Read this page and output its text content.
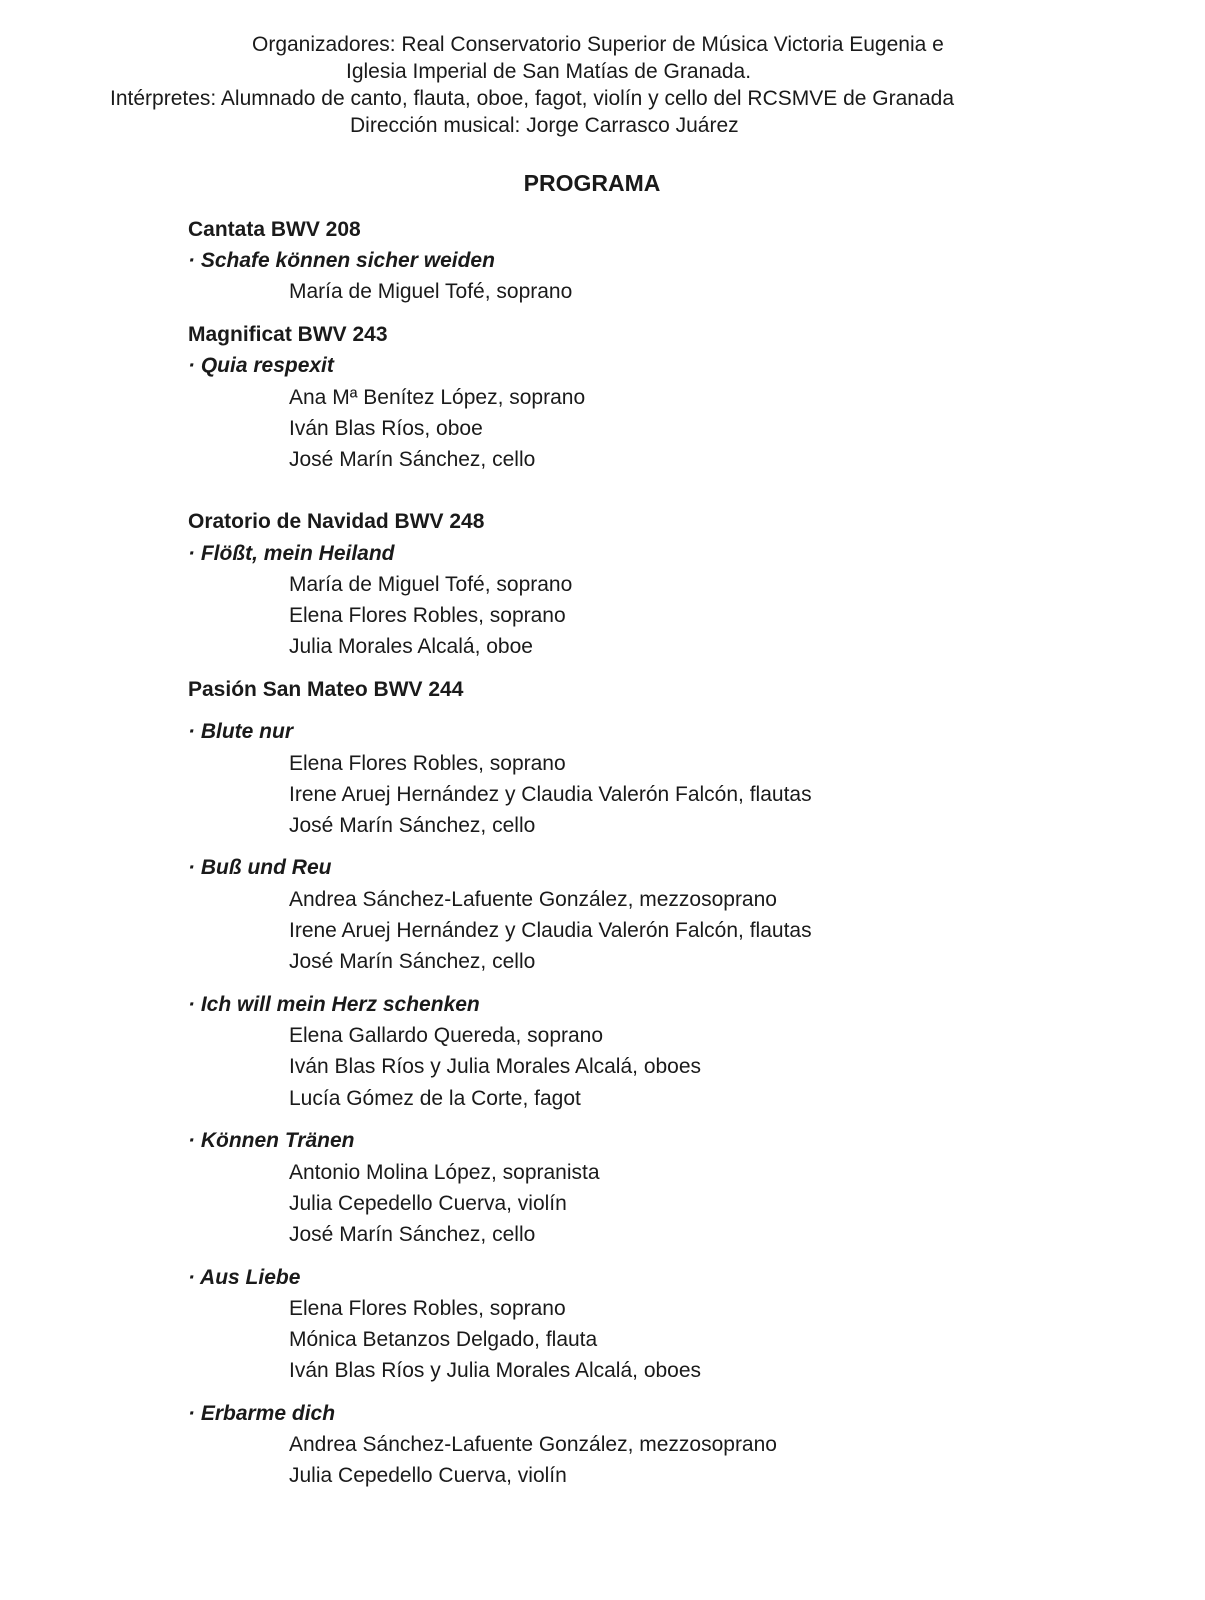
Organizadores: Real Conservatorio Superior de Música Victoria Eugenia e
Iglesia Imperial de San Matías de Granada.
Intérpretes: Alumnado de canto, flauta, oboe, fagot, violín y cello del RCSMVE de Granada
Dirección musical: Jorge Carrasco Juárez
PROGRAMA
Cantata BWV 208
· Schafe können sicher weiden
María de Miguel Tofé, soprano
Magnificat BWV 243
· Quia respexit
Ana Mª Benítez López, soprano
Iván Blas Ríos, oboe
José Marín Sánchez, cello
Oratorio de Navidad BWV 248
· Flößt, mein Heiland
María de Miguel Tofé, soprano
Elena Flores Robles, soprano
Julia Morales Alcalá, oboe
Pasión San Mateo BWV 244
· Blute nur
Elena Flores Robles, soprano
Irene Aruej Hernández y Claudia Valerón Falcón, flautas
José Marín Sánchez, cello
· Buß und Reu
Andrea Sánchez-Lafuente González, mezzosoprano
Irene Aruej Hernández y Claudia Valerón Falcón, flautas
José Marín Sánchez, cello
· Ich will mein Herz schenken
Elena Gallardo Quereda, soprano
Iván Blas Ríos y Julia Morales Alcalá, oboes
Lucía Gómez de la Corte, fagot
· Können Tränen
Antonio Molina López, sopranista
Julia Cepedello Cuerva, violín
José Marín Sánchez, cello
· Aus Liebe
Elena Flores Robles, soprano
Mónica Betanzos Delgado, flauta
Iván Blas Ríos y Julia Morales Alcalá, oboes
· Erbarme dich
Andrea Sánchez-Lafuente González, mezzosoprano
Julia Cepedello Cuerva, violín
